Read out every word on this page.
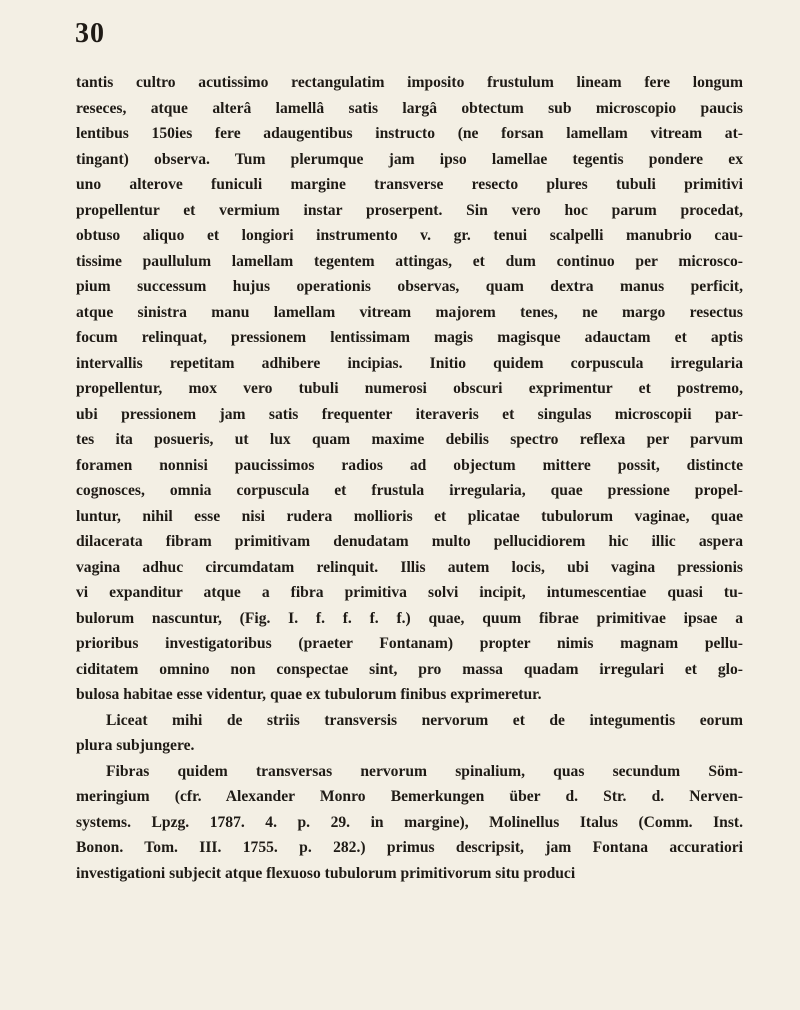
30
tantis cultro acutissimo rectangulatim imposito frustulum lineam fere longum
reseces, atque alterâ lamellâ satis largâ obtectum sub microscopio paucis
lentibus 150ies fere adaugentibus instructo (ne forsan lamellam vitream at-
tingant) observa. Tum plerumque jam ipso lamellae tegentis pondere ex
uno alterove funiculi margine transverse resecto plures tubuli primitivi
propellentur et vermium instar proserpent. Sin vero hoc parum procedat,
obtuso aliquo et longiori instrumento v. gr. tenui scalpelli manubrio cau-
tissime paullulum lamellam tegentem attingas, et dum continuo per microsco-
pium successum hujus operationis observas, quam dextra manus perficit,
atque sinistra manu lamellam vitream majorem tenes, ne margo resectus
focum relinquat, pressionem lentissimam magis magisque adauctam et aptis
intervallis repetitam adhibere incipias. Initio quidem corpuscula irregularia
propellentur, mox vero tubuli numerosi obscuri exprimentur et postremo,
ubi pressionem jam satis frequenter iteraveris et singulas microscopii par-
tes ita posueris, ut lux quam maxime debilis spectro reflexa per parvum
foramen nonnisi paucissimos radios ad objectum mittere possit, distincte
cognosces, omnia corpuscula et frustula irregularia, quae pressione propel-
luntur, nihil esse nisi rudera mollioris et plicatae tubulorum vaginae, quae
dilacerata fibram primitivam denudatam multo pellucidiorem hic illic aspera
vagina adhuc circumdatam relinquit. Illis autem locis, ubi vagina pressionis
vi expanditur atque a fibra primitiva solvi incipit, intumescentiae quasi tu-
bulorum nascuntur, (Fig. I. f. f. f. f.) quae, quum fibrae primitivae ipsae a
prioribus investigatoribus (praeter Fontanam) propter nimis magnam pellu-
ciditatem omnino non conspectae sint, pro massa quadam irregulari et glo-
bulosa habitae esse videntur, quae ex tubulorum finibus exprimeretur.
Liceat mihi de striis transversis nervorum et de integumentis eorum
plura subjungere.
Fibras quidem transversas nervorum spinalium, quas secundum Söm-
meringium (cfr. Alexander Monro Bemerkungen über d. Str. d. Nerven-
systems. Lpzg. 1787. 4. p. 29. in margine), Molinellus Italus (Comm. Inst.
Bonon. Tom. III. 1755. p. 282.) primus descripsit, jam Fontana accuratiori
investigationi subjecit atque flexuoso tubulorum primitivorum situ produci
